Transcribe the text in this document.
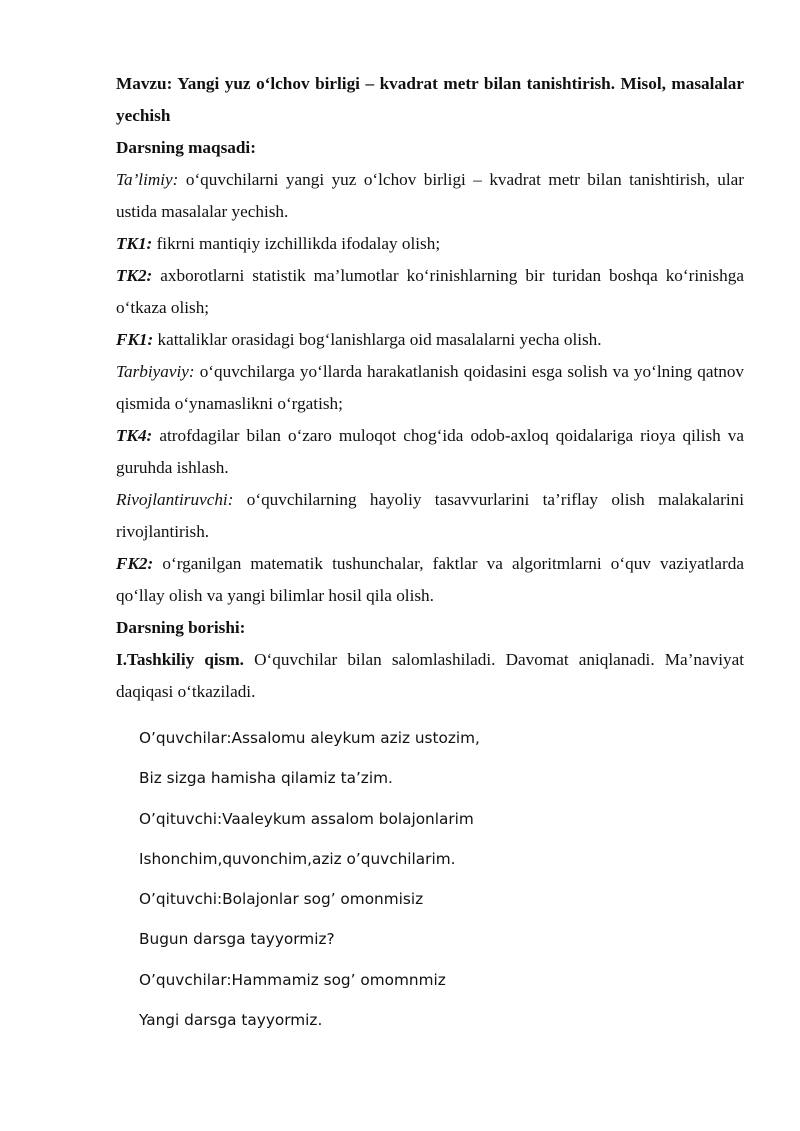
Mavzu: Yangi yuz o‘lchov birligi – kvadrat metr bilan tanishtirish. Misol, masalalar yechish

Darsning maqsadi:

Ta’limiy: o‘quvchilarni yangi yuz o‘lchov birligi – kvadrat metr bilan tanishtirish, ular ustida masalalar yechish.

TK1: fikrni mantiqiy izchillikda ifodalay olish;

TK2: axborotlarni statistik ma’lumotlar ko‘rinishlarning bir turidan boshqa ko‘rinishga o‘tkaza olish;

FK1: kattaliklar orasidagi bog‘lanishlarga oid masalalarni yecha olish.

Tarbiyaviy: o‘quvchilarga yo‘llarda harakatlanish qoidasini esga solish va yo‘lning qatnov qismida o‘ynamaslikni o‘rgatish;

TK4: atrofdagilar bilan o‘zaro muloqot chog‘ida odob-axloq qoidalariga rioya qilish va guruhda ishlash.

Rivojlantiruvchi: o‘quvchilarning hayoliy tasavvurlarini ta’riflay olish malakalarini rivojlantirish.

FK2: o‘rganilgan matematik tushunchalar, faktlar va algoritmlarni o‘quv vaziyatlarda qo‘llay olish va yangi bilimlar hosil qila olish.

Darsning borishi:

I.Tashkiliy qism. O‘quvchilar bilan salomlashiladi. Davomat aniqlanadi. Ma’naviyat daqiqasi o‘tkaziladi.

O’quvchilar:Assalomu aleykum aziz ustozim,
Biz sizga hamisha qilamiz ta’zim.
O’qituvchi:Vaaleykum assalom bolajonlarim
Ishonchim,quvonchim,aziz o’quvchilarim.
O’qituvchi:Bolajonlar sog’ omonmisiz
Bugun darsga tayyormiz?
O’quvchilar:Hammamiz sog’ omomnmiz
Yangi darsga tayyormiz.
